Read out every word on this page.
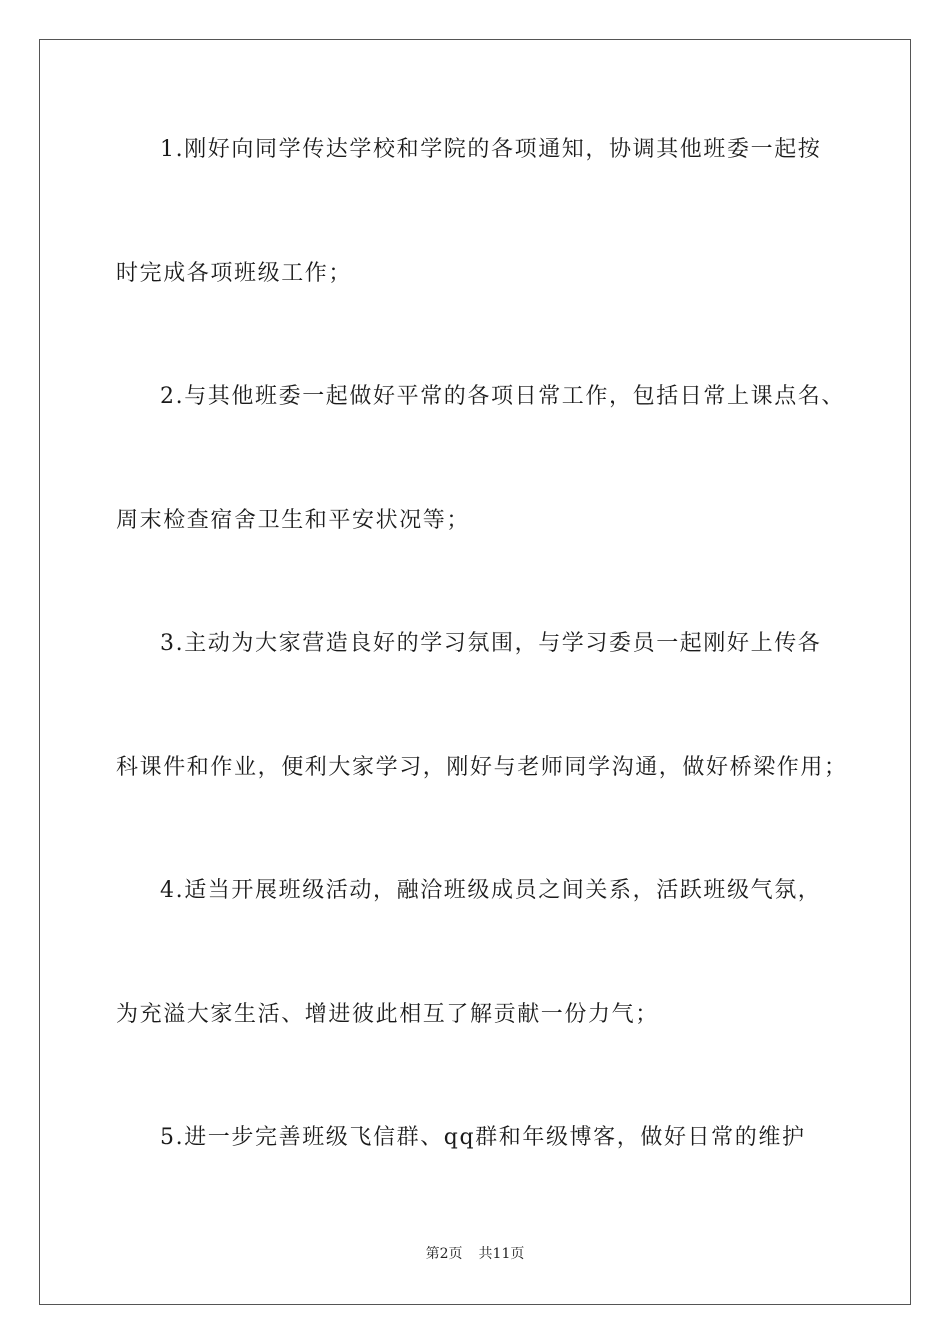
1.刚好向同学传达学校和学院的各项通知，协调其他班委一起按
时完成各项班级工作；
2.与其他班委一起做好平常的各项日常工作，包括日常上课点名、
周末检查宿舍卫生和平安状况等；
3.主动为大家营造良好的学习氛围，与学习委员一起刚好上传各
科课件和作业，便利大家学习，刚好与老师同学沟通，做好桥梁作用；
4.适当开展班级活动，融洽班级成员之间关系，活跃班级气氛，
为充溢大家生活、增进彼此相互了解贡献一份力气；
5.进一步完善班级飞信群、qq群和年级博客，做好日常的维护
第2页 共11页
